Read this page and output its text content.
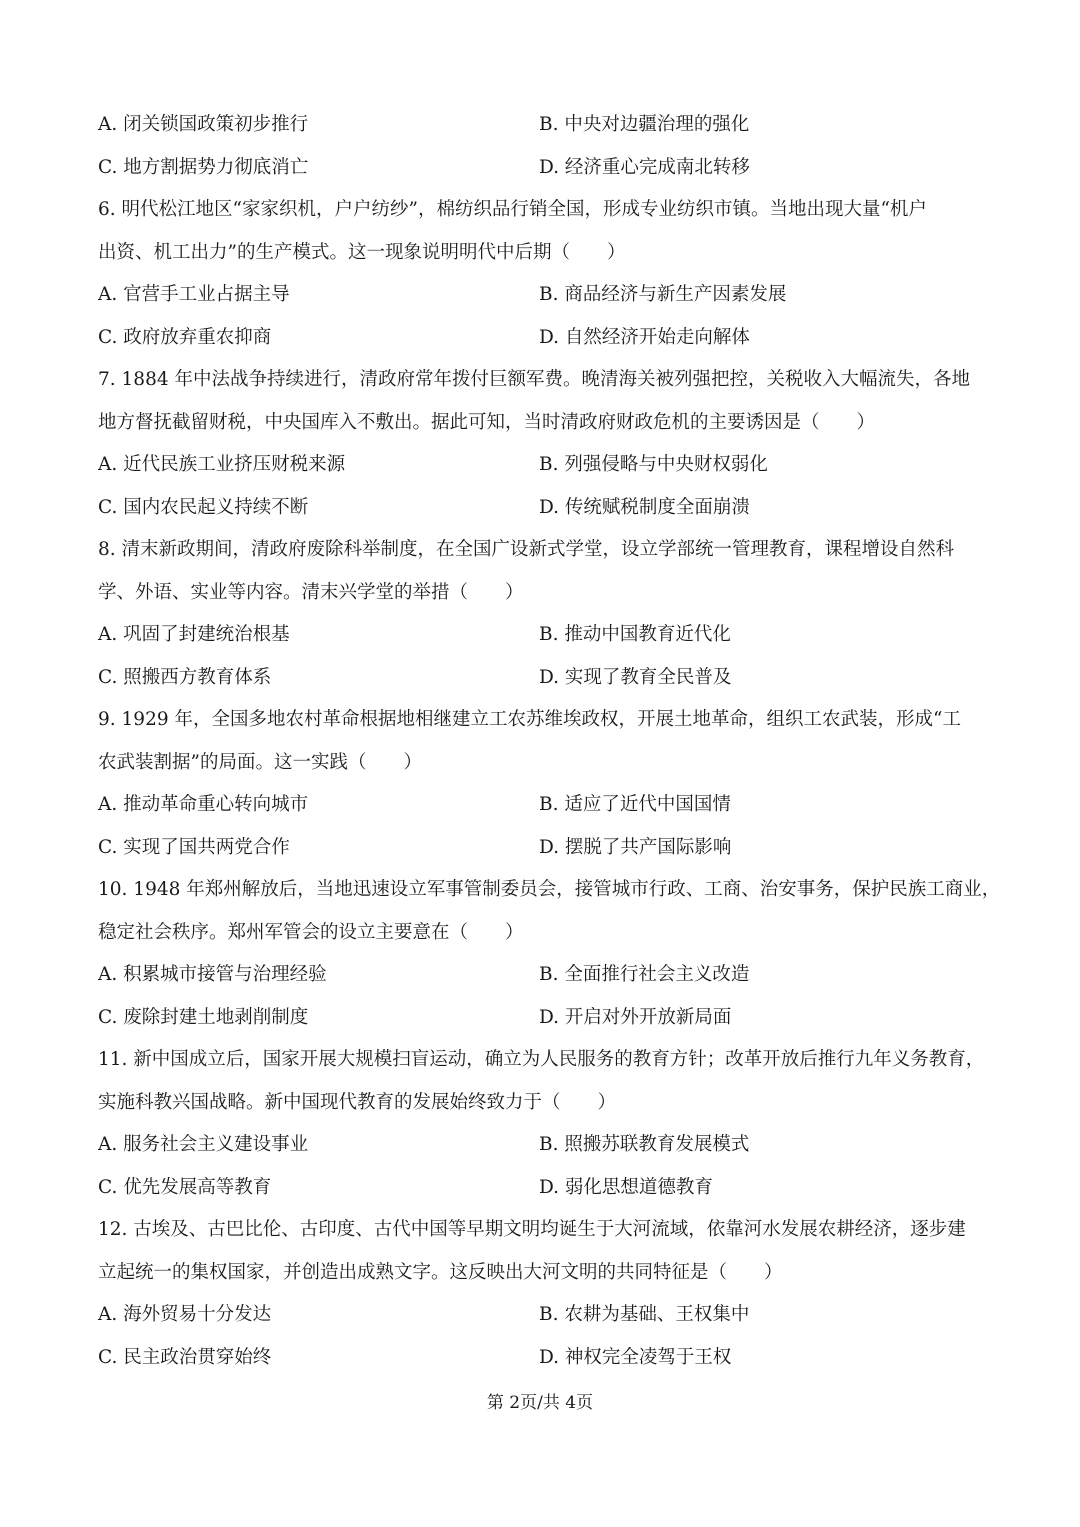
A. 闭关锁国政策初步推行	B. 中央对边疆治理的强化
C. 地方割据势力彻底消亡	D. 经济重心完成南北转移
6. 明代松江地区“家家织机，户户纺纱”，棉纺织品行销全国，形成专业纺织市镇。当地出现大量“机户
出资、机工出力”的生产模式。这一现象说明明代中后期（　　）
A. 官营手工业占据主导	B. 商品经济与新生产因素发展
C. 政府放弃重农抑商	D. 自然经济开始走向解体
7. 1884 年中法战争持续进行，清政府常年拨付巨额军费。晚清海关被列强把控，关税收入大幅流失，各地
地方督抚截留财税，中央国库入不敷出。据此可知，当时清政府财政危机的主要诱因是（　　）
A. 近代民族工业挤压财税来源	B. 列强侵略与中央财权弱化
C. 国内农民起义持续不断	D. 传统赋税制度全面崩溃
8. 清末新政期间，清政府废除科举制度，在全国广设新式学堂，设立学部统一管理教育，课程增设自然科
学、外语、实业等内容。清末兴学堂的举措（　　）
A. 巩固了封建统治根基	B. 推动中国教育近代化
C. 照搬西方教育体系	D. 实现了教育全民普及
9. 1929 年，全国多地农村革命根据地相继建立工农苏维埃政权，开展土地革命，组织工农武装，形成“工
农武装割据”的局面。这一实践（　　）
A. 推动革命重心转向城市	B. 适应了近代中国国情
C. 实现了国共两党合作	D. 摆脱了共产国际影响
10. 1948 年郑州解放后，当地迅速设立军事管制委员会，接管城市行政、工商、治安事务，保护民族工商业，
稳定社会秩序。郑州军管会的设立主要意在（　　）
A. 积累城市接管与治理经验	B. 全面推行社会主义改造
C. 废除封建土地剥削制度	D. 开启对外开放新局面
11. 新中国成立后，国家开展大规模扫盲运动，确立为人民服务的教育方针；改革开放后推行九年义务教育，
实施科教兴国战略。新中国现代教育的发展始终致力于（　　）
A. 服务社会主义建设事业	B. 照搬苏联教育发展模式
C. 优先发展高等教育	D. 弱化思想道德教育
12. 古埃及、古巴比伦、古印度、古代中国等早期文明均诞生于大河流域，依靠河水发展农耕经济，逐步建
立起统一的集权国家，并创造出成熟文字。这反映出大河文明的共同特征是（　　）
A. 海外贸易十分发达	B. 农耕为基础、王权集中
C. 民主政治贯穿始终	D. 神权完全凌驾于王权
第 2页/共 4页
